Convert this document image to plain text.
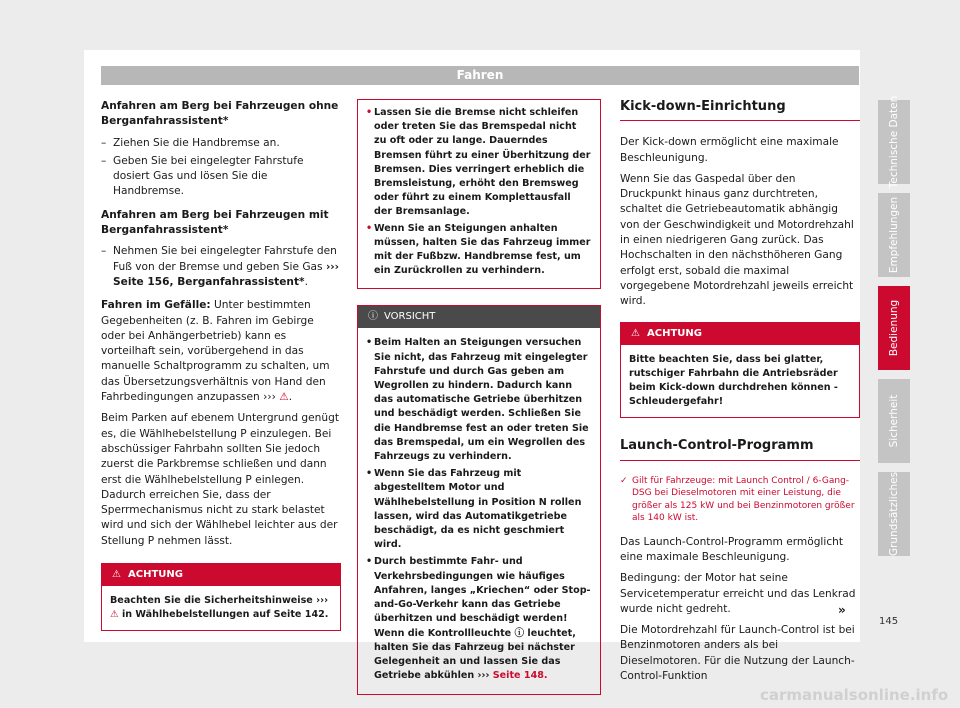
Fahren

Anfahren am Berg bei Fahrzeugen ohne Berganfahrassistent*

– Ziehen Sie die Handbremse an.
– Geben Sie bei eingelegter Fahrstufe dosiert Gas und lösen Sie die Handbremse.

Anfahren am Berg bei Fahrzeugen mit Berganfahrassistent*

– Nehmen Sie bei eingelegter Fahrstufe den Fuß von der Bremse und geben Sie Gas ››› Seite 156, Berganfahrassistent*.

Fahren im Gefälle: Unter bestimmten Gegebenheiten (z. B. Fahren im Gebirge oder bei Anhängerbetrieb) kann es vorteilhaft sein, vorübergehend in das manuelle Schaltprogramm zu schalten, um das Übersetzungsverhältnis von Hand den Fahrbedingungen anzupassen ››› ⚠.

Beim Parken auf ebenem Untergrund genügt es, die Wählhebelstellung P einzulegen. Bei abschüssiger Fahrbahn sollten Sie jedoch zuerst die Parkbremse schließen und dann erst die Wählhebelstellung P einlegen. Dadurch erreichen Sie, dass der Sperrmechanismus nicht zu stark belastet wird und sich der Wählhebel leichter aus der Stellung P nehmen lässt.

⚠ ACHTUNG
Beachten Sie die Sicherheitshinweise ››› ⚠ in Wählhebelstellungen auf Seite 142.
• Lassen Sie die Bremse nicht schleifen oder treten Sie das Bremspedal nicht zu oft oder zu lange. Dauerndes Bremsen führt zu einer Überhitzung der Bremsen. Dies verringert erheblich die Bremsleistung, erhöht den Bremsweg oder führt zu einem Komplettausfall der Bremsanlage.
• Wenn Sie an Steigungen anhalten müssen, halten Sie das Fahrzeug immer mit der Fußbzw. Handbremse fest, um ein Zurückrollen zu verhindern.
ⓘ VORSICHT
• Beim Halten an Steigungen versuchen Sie nicht, das Fahrzeug mit eingelegter Fahrstufe und durch Gas geben am Wegrollen zu hindern. Dadurch kann das automatische Getriebe überhitzen und beschädigt werden. Schließen Sie die Handbremse fest an oder treten Sie das Bremspedal, um ein Wegrollen des Fahrzeugs zu verhindern.
• Wenn Sie das Fahrzeug mit abgestelltem Motor und Wählhebelstellung in Position N rollen lassen, wird das Automatikgetriebe beschädigt, da es nicht geschmiert wird.
• Durch bestimmte Fahr- und Verkehrsbedingungen wie häufiges Anfahren, langes „Kriechen“ oder Stop-and-Go-Verkehr kann das Getriebe überhitzen und beschädigt werden! Wenn die Kontrollleuchte ⓘ leuchtet, halten Sie das Fahrzeug bei nächster Gelegenheit an und lassen Sie das Getriebe abkühlen ››› Seite 148.
Kick-down-Einrichtung

Der Kick-down ermöglicht eine maximale Beschleunigung.

Wenn Sie das Gaspedal über den Druckpunkt hinaus ganz durchtreten, schaltet die Getriebeautomatik abhängig von der Geschwindigkeit und Motordrehzahl in einen niedrigeren Gang zurück. Das Hochschalten in den nächsthöheren Gang erfolgt erst, sobald die maximal vorgegebene Motordrehzahl jeweils erreicht wird.

⚠ ACHTUNG
Bitte beachten Sie, dass bei glatter, rutschiger Fahrbahn die Antriebsräder beim Kick-down durchdrehen können - Schleudergefahr!
Launch-Control-Programm
✓ Gilt für Fahrzeuge: mit Launch Control / 6-Gang-DSG bei Dieselmotoren mit einer Leistung, die größer als 125 kW und bei Benzinmotoren größer als 140 kW ist.

Das Launch-Control-Programm ermöglicht eine maximale Beschleunigung.

Bedingung: der Motor hat seine Servicetemperatur erreicht und das Lenkrad wurde nicht gedreht.

Die Motordrehzahl für Launch-Control ist bei Benzinmotoren anders als bei Dieselmotoren. Für die Nutzung der Launch-Control-Funktion

»
Technische Daten
Empfehlungen
Bedienung
Sicherheit
Grundsätzliches
145
carmanualsonline.info
